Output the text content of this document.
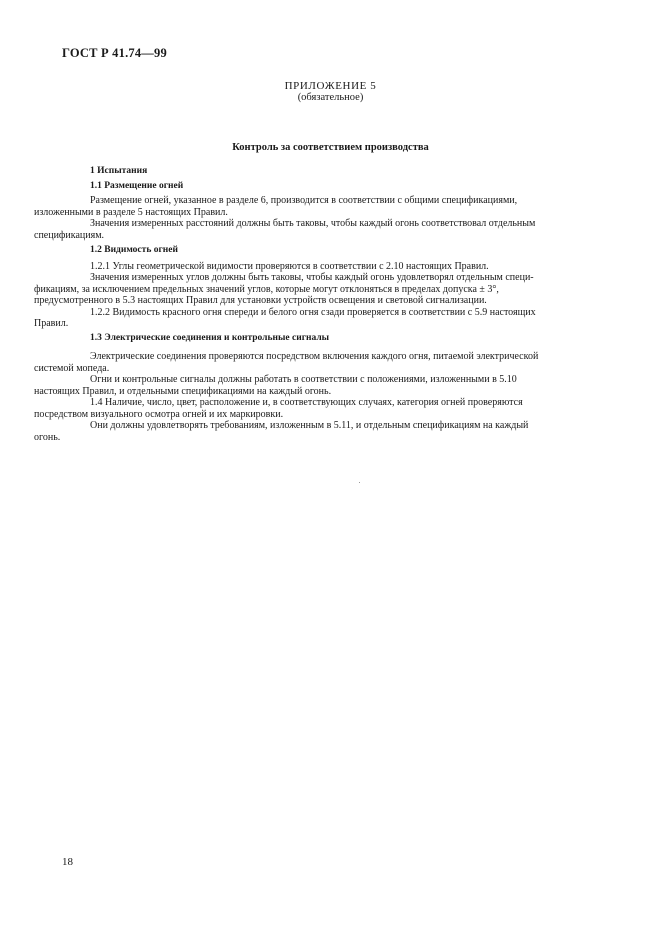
ГОСТ Р 41.74—99
ПРИЛОЖЕНИЕ 5
(обязательное)
Контроль за соответствием производства

1 Испытания

1.1 Размещение огней

Размещение огней, указанное в разделе 6, производится в соответствии с общими спецификациями,
изложенными в разделе 5 настоящих Правил.

Значения измеренных расстояний должны быть таковы, чтобы каждый огонь соответствовал отдельным
спецификациям.

1.2 Видимость огней

1.2.1 Углы геометрической видимости проверяются в соответствии с 2.10 настоящих Правил.

Значения измеренных углов должны быть таковы, чтобы каждый огонь удовлетворял отдельным специ-
фикациям, за исключением предельных значений углов, которые могут отклоняться в пределах допуска ± 3°,
предусмотренного в 5.3 настоящих Правил для установки устройств освещения и световой сигнализации.

1.2.2 Видимость красного огня спереди и белого огня сзади проверяется в соответствии с 5.9 настоящих
Правил.

1.3 Электрические соединения и контрольные сигналы

Электрические соединения проверяются посредством включения каждого огня, питаемой электрической
системой мопеда.

Огни и контрольные сигналы должны работать в соответствии с положениями, изложенными в 5.10
настоящих Правил, и отдельными спецификациями на каждый огонь.

1.4 Наличие, число, цвет, расположение и, в соответствующих случаях, категория огней проверяются
посредством визуального осмотра огней и их маркировки.

Они должны удовлетворять требованиям, изложенным в 5.11, и отдельным спецификациям на каждый
огонь.

18
